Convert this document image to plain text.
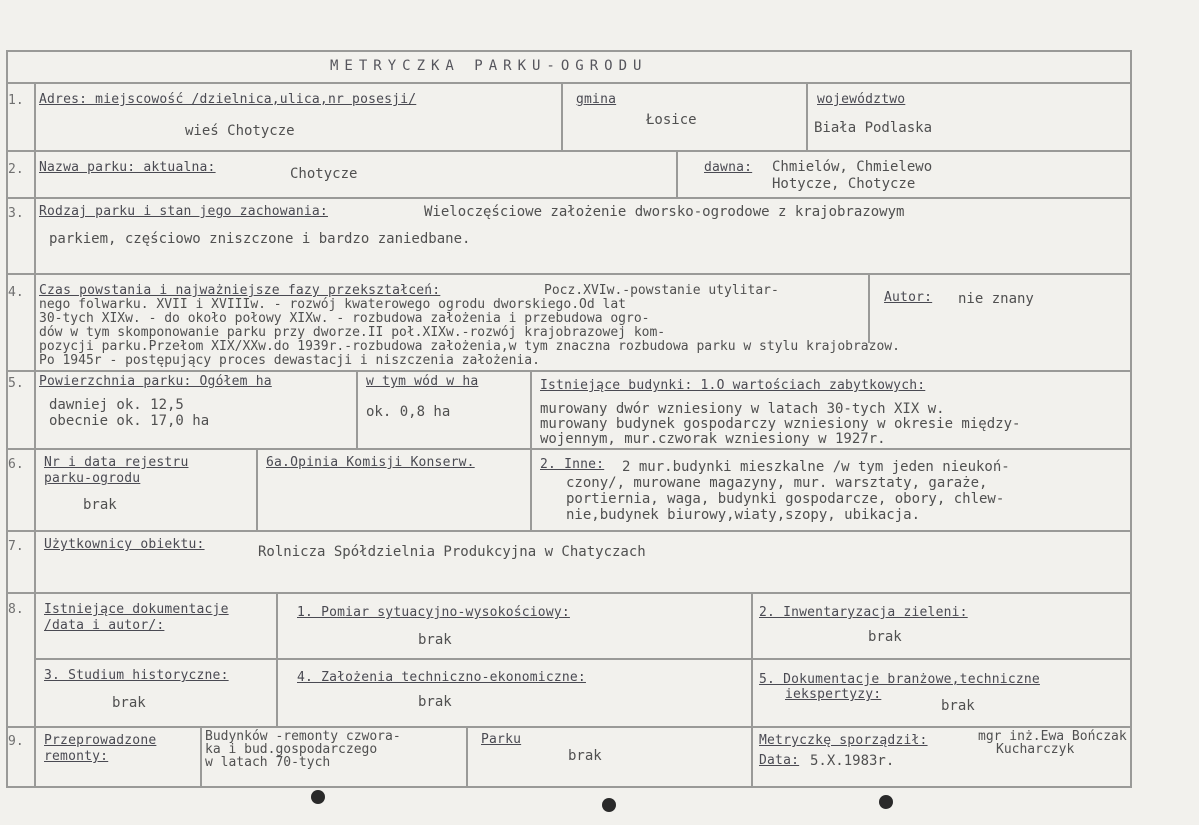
METRYCZKA PARKU-OGRODU
1. Adres: miejscowość /dzielnica,ulica,nr posesji/
wieś Chotycze
gmina
Łosice
województwo
Biała Podlaska
2. Nazwa parku: aktualna:	Chotycze	dawna: Chmielów, Chmielewo
Hotycze, Chotycze
3. Rodzaj parku i stan jego zachowania:	Wieloczęściowe założenie dworsko-ogrodowe z krajobrazowym
parkiem, częściowo zniszczone i bardzo zaniedbane.
4. Czas powstania i najważniejsze fazy przekształceń:	Pocz.XVIw.-powstanie utylitar-
nego folwarku. XVII i XVIIIw. - rozwój kwaterowego ogrodu dworskiego.Od lat
30-tych XIXw. - do około połowy XIXw. - rozbudowa założenia i przebudowa ogro-
dów w tym skomponowanie parku przy dworze.II poł.XIXw.-rozwój krajobrazowej kom-
pozycji parku.Przełom XIX/XXw.do 1939r.-rozbudowa założenia,w tym znaczna rozbudowa parku w stylu krajobrazow.
Po 1945r - postępujący proces dewastacji i niszczenia założenia.
Autor: nie znany
5. Powierzchnia parku: Ogółem ha
dawniej ok. 12,5
obecnie ok. 17,0 ha
w tym wód w ha
ok. 0,8 ha
Istniejące budynki: 1.O wartościach zabytkowych:
murowany dwór wzniesiony w latach 30-tych XIX w.
murowany budynek gospodarczy wzniesiony w okresie między-
wojennym, mur.czworak wzniesiony w 1927r.
6. Nr i data rejestru
parku-ogrodu
brak
6a.Opinia Komisji Konserw.	2. Inne: 2 mur.budynki mieszkalne /w tym jeden nieukoń-
czony/, murowane magazyny, mur. warsztaty, garaże,
portiernia, waga, budynki gospodarcze, obory, chlew-
nie,budynek biurowy,wiaty,szopy, ubikacja.
7. Użytkownicy obiektu:	Rolnicza Spółdzielnia Produkcyjna w Chatyczach
8. Istniejące dokumentacje
/data i autor/:
1. Pomiar sytuacyjno-wysokościowy:
brak
2. Inwentaryzacja zieleni:
brak
3. Studium historyczne:
brak
4. Założenia techniczno-ekonomiczne:
brak
5. Dokumentacje branżowe,techniczne
iekspertyzy:
brak
9. Przeprowadzone
remonty:
Budynków -remonty czwora-
ka i bud.gospodarczego
w latach 70-tych
Parku
brak
Metryczkę sporządził:	mgr inż.Ewa Bończak
Kucharczyk
Data: 5.X.1983r.
